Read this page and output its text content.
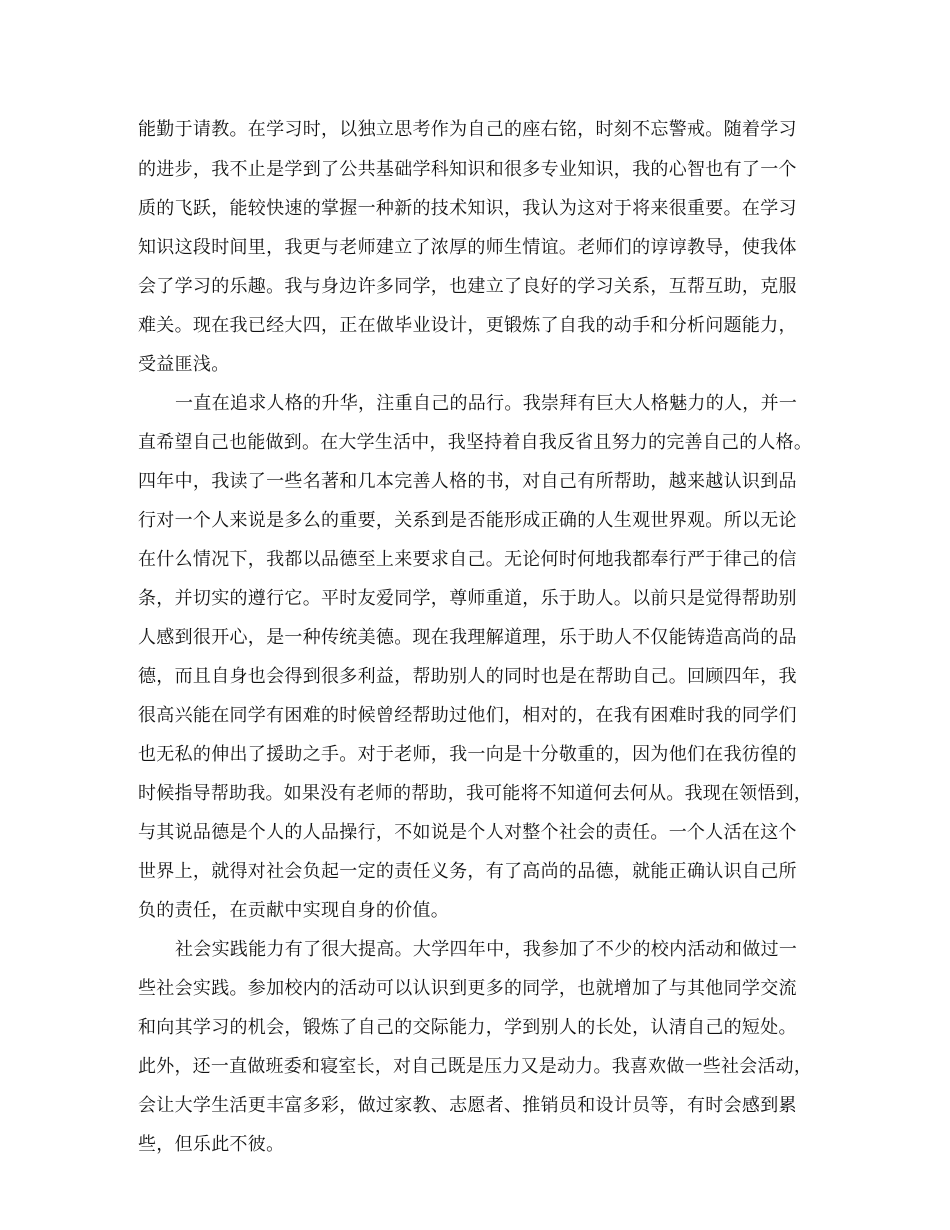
能勤于请教。在学习时，以独立思考作为自己的座右铭，时刻不忘警戒。随着学习
的进步，我不止是学到了公共基础学科知识和很多专业知识，我的心智也有了一个
质的飞跃，能较快速的掌握一种新的技术知识，我认为这对于将来很重要。在学习
知识这段时间里，我更与老师建立了浓厚的师生情谊。老师们的谆谆教导，使我体
会了学习的乐趣。我与身边许多同学，也建立了良好的学习关系，互帮互助，克服
难关。现在我已经大四，正在做毕业设计，更锻炼了自我的动手和分析问题能力，
受益匪浅。
一直在追求人格的升华，注重自己的品行。我崇拜有巨大人格魅力的人，并一
直希望自己也能做到。在大学生活中，我坚持着自我反省且努力的完善自己的人格。
四年中，我读了一些名著和几本完善人格的书，对自己有所帮助，越来越认识到品
行对一个人来说是多么的重要，关系到是否能形成正确的人生观世界观。所以无论
在什么情况下，我都以品德至上来要求自己。无论何时何地我都奉行严于律己的信
条，并切实的遵行它。平时友爱同学，尊师重道，乐于助人。以前只是觉得帮助别
人感到很开心，是一种传统美德。现在我理解道理，乐于助人不仅能铸造高尚的品
德，而且自身也会得到很多利益，帮助别人的同时也是在帮助自己。回顾四年，我
很高兴能在同学有困难的时候曾经帮助过他们，相对的，在我有困难时我的同学们
也无私的伸出了援助之手。对于老师，我一向是十分敬重的，因为他们在我彷徨的
时候指导帮助我。如果没有老师的帮助，我可能将不知道何去何从。我现在领悟到，
与其说品德是个人的人品操行，不如说是个人对整个社会的责任。一个人活在这个
世界上，就得对社会负起一定的责任义务，有了高尚的品德，就能正确认识自己所
负的责任，在贡献中实现自身的价值。
社会实践能力有了很大提高。大学四年中，我参加了不少的校内活动和做过一
些社会实践。参加校内的活动可以认识到更多的同学，也就增加了与其他同学交流
和向其学习的机会，锻炼了自己的交际能力，学到别人的长处，认清自己的短处。
此外，还一直做班委和寝室长，对自己既是压力又是动力。我喜欢做一些社会活动，
会让大学生活更丰富多彩，做过家教、志愿者、推销员和设计员等，有时会感到累
些，但乐此不彼。
